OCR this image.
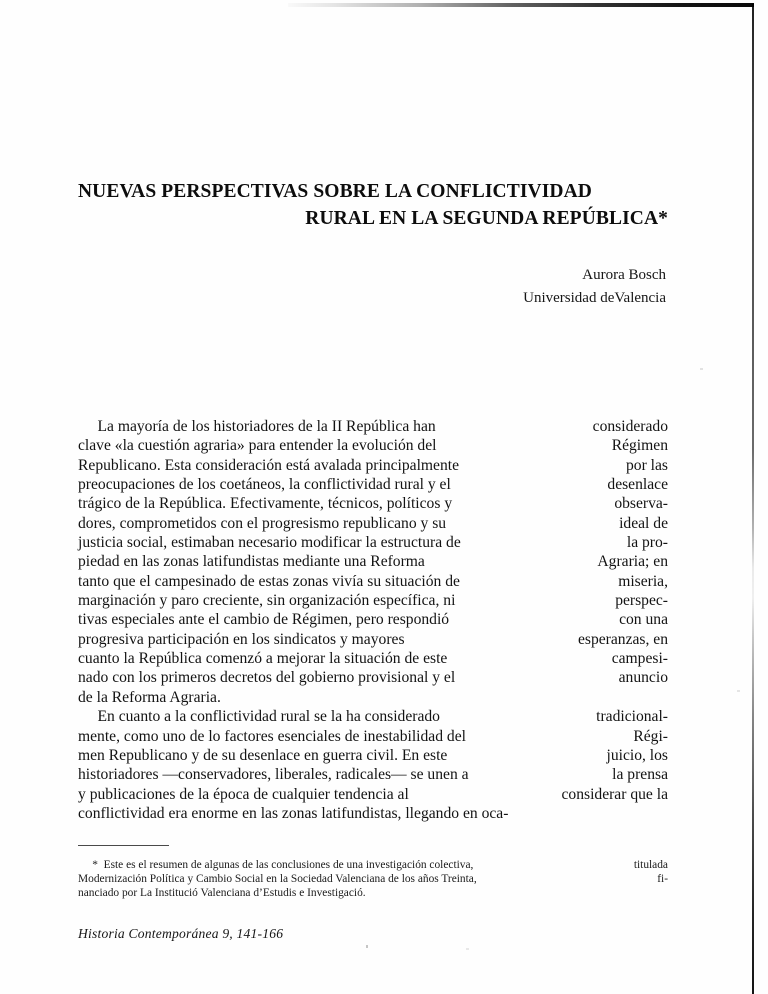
NUEVAS PERSPECTIVAS SOBRE LA CONFLICTIVIDAD
RURAL EN LA SEGUNDA REPÚBLICA*
Aurora Bosch
Universidad deValencia
La mayoría de los historiadores de la II República han	considerado
clave «la cuestión agraria» para entender la evolución del	Régimen
Republicano. Esta consideración está avalada principalmente	por las
preocupaciones de los coetáneos, la conflictividad rural y el	desenlace
trágico de la República. Efectivamente, técnicos, políticos y	observa-
dores, comprometidos con el progresismo republicano y su	ideal de
justicia social, estimaban necesario modificar la estructura de	la pro-
piedad en las zonas latifundistas mediante una Reforma	Agraria; en
tanto que el campesinado de estas zonas vivía su situación de	miseria,
marginación y paro creciente, sin organización específica, ni	perspec-
tivas especiales ante el cambio de Régimen, pero respondió	con una
progresiva participación en los sindicatos y mayores	esperanzas, en
cuanto la República comenzó a mejorar la situación de este	campesi-
nado con los primeros decretos del gobierno provisional y el	anuncio
de la Reforma Agraria.
En cuanto a la conflictividad rural se la ha considerado	tradicional-
mente, como uno de lo factores esenciales de inestabilidad del	Régi-
men Republicano y de su desenlace en guerra civil. En este	juicio, los
historiadores —conservadores, liberales, radicales— se unen a	la prensa
y publicaciones de la época de cualquier tendencia al	considerar que la
conflictividad era enorme en las zonas latifundistas, llegando en oca-
*  Este es el resumen de algunas de las conclusiones de una investigación colectiva,	titulada
Modernización Política y Cambio Social en la Sociedad Valenciana de los años Treinta,	fi-
nanciado por La Institució Valenciana d’Estudis e Investigació.
Historia Contemporánea 9, 141-166
